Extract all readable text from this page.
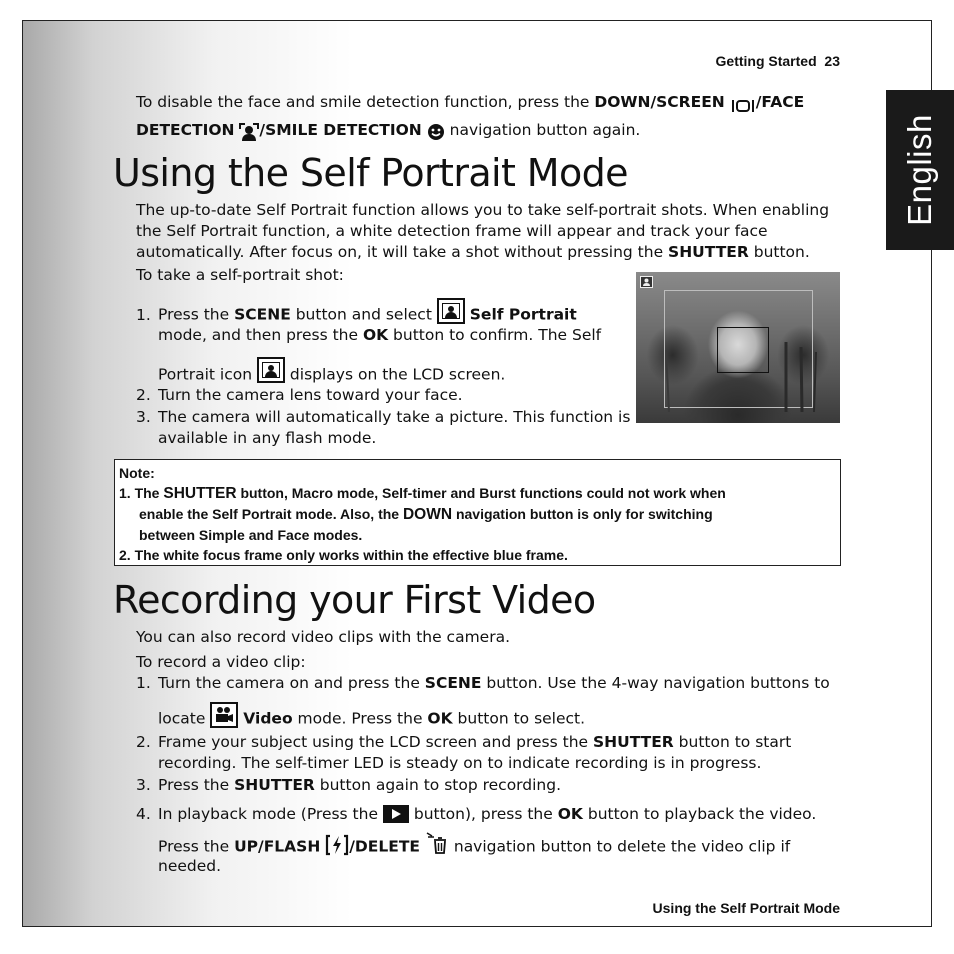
Getting Started 23
English
To disable the face and smile detection function, press the DOWN/SCREEN /FACE
DETECTION /SMILE DETECTION  navigation button again.
Using the Self Portrait Mode
The up-to-date Self Portrait function allows you to take self-portrait shots. When enabling the Self Portrait function, a white detection frame will appear and track your face automatically. After focus on, it will take a shot without pressing the SHUTTER button.
To take a self-portrait shot:
1. Press the SCENE button and select
Self Portrait
mode, and then press the OK button to confirm. The Self
Portrait icon
displays on the LCD screen.
2. Turn the camera lens toward your face.
3. The camera will automatically take a picture. This function is
available in any flash mode.
Note:
1. The SHUTTER button, Macro mode, Self-timer and Burst functions could not work when
enable the Self Portrait mode. Also, the DOWN navigation button is only for switching
between Simple and Face modes.
2. The white focus frame only works within the effective blue frame.
Recording your First Video
You can also record video clips with the camera.
To record a video clip:
1. Turn the camera on and press the SCENE button. Use the 4-way navigation buttons to
locate
Video mode. Press the OK button to select.
2. Frame your subject using the LCD screen and press the SHUTTER button to start
recording. The self-timer LED is steady on to indicate recording is in progress.
3. Press the SHUTTER button again to stop recording.
4. In playback mode (Press the  button), press the OK button to playback the video.
Press the UP/FLASH /DELETE  navigation button to delete the video clip if
needed.
Using the Self Portrait Mode
